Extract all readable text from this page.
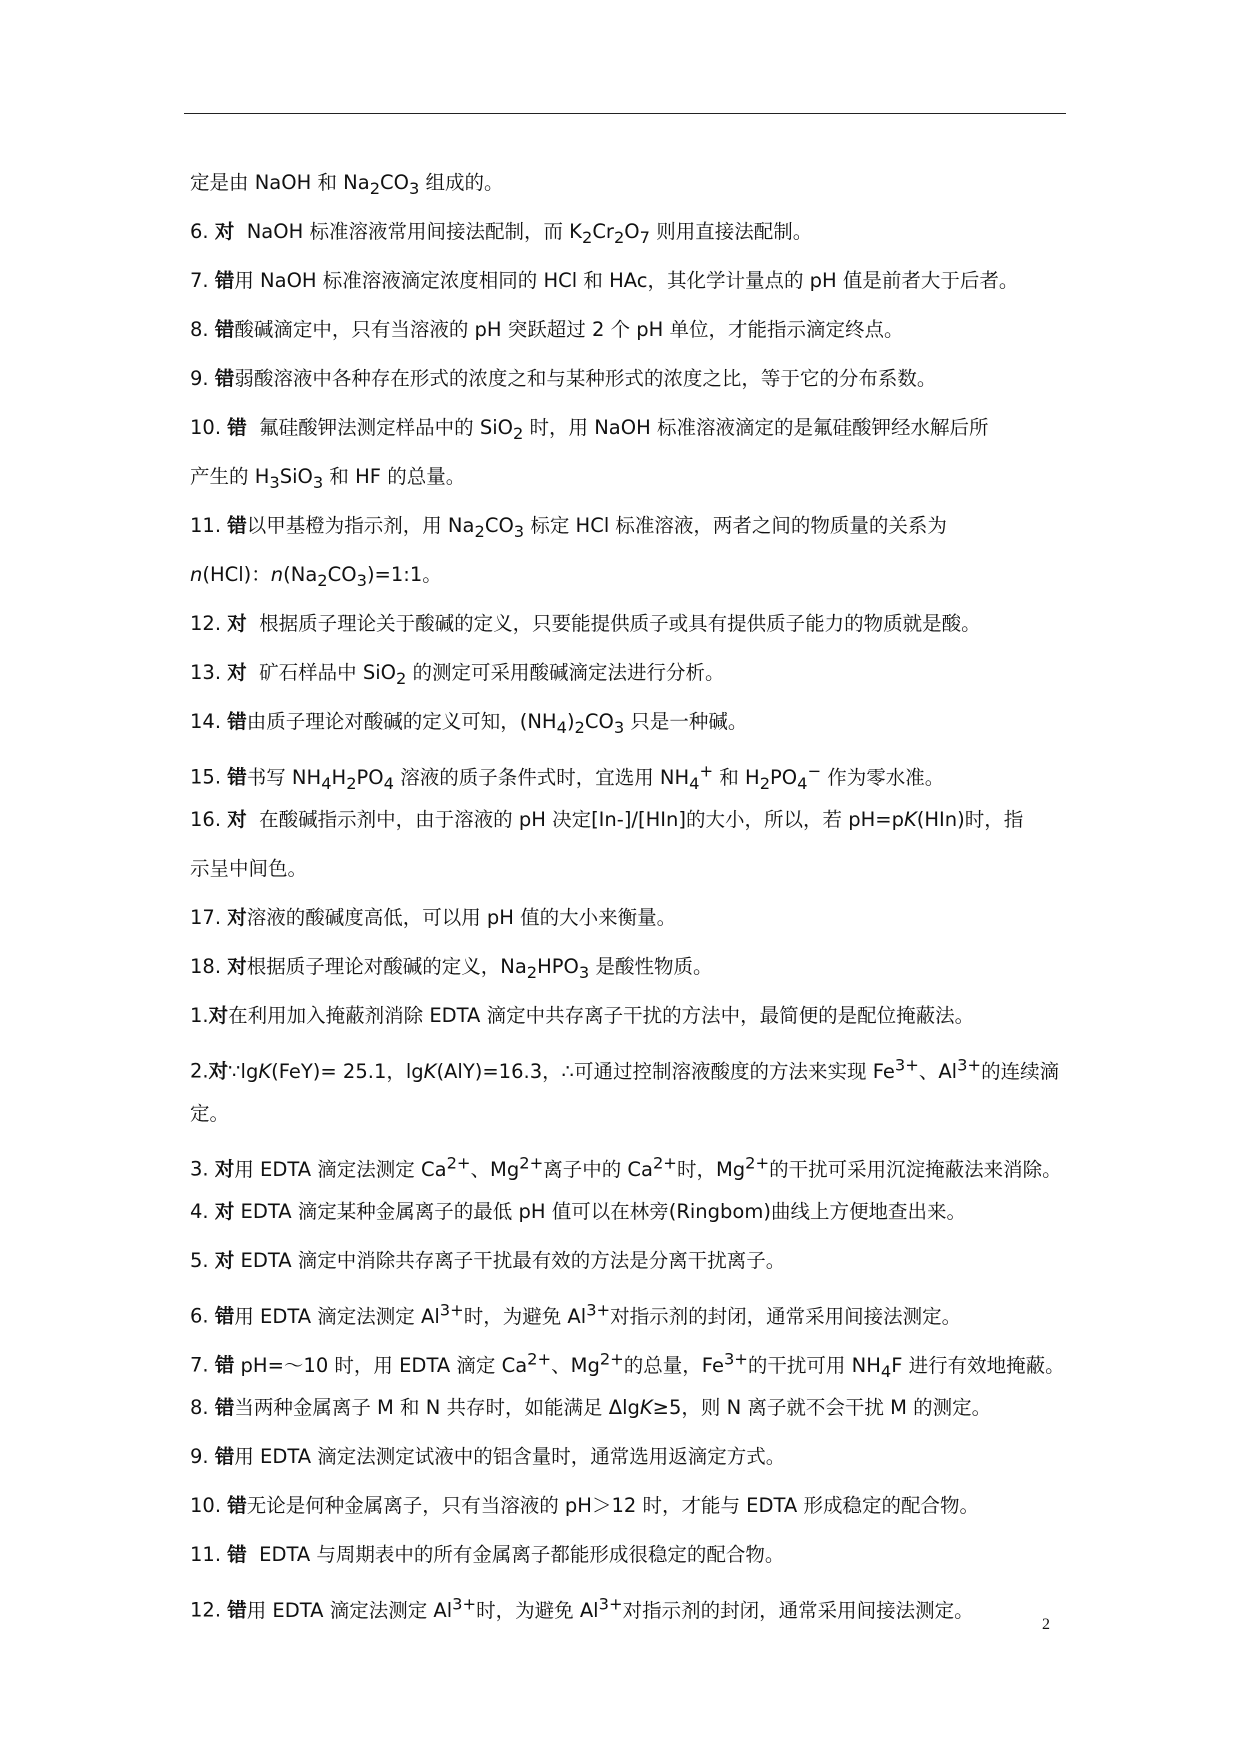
定是由 NaOH 和 $Na_2CO_3$ 组成的。
6. 对  NaOH 标准溶液常用间接法配制，而 $K_2Cr_2O_7$ 则用直接法配制。
7. 错用 NaOH 标准溶液滴定浓度相同的 HCl 和 HAc，其化学计量点的 pH 值是前者大于后者。
8. 错酸碱滴定中，只有当溶液的 pH 突跃超过 2 个 pH 单位，才能指示滴定终点。
9. 错弱酸溶液中各种存在形式的浓度之和与某种形式的浓度之比，等于它的分布系数。
10. 错  氟硅酸钾法测定样品中的 SiO$_2$ 时，用 NaOH 标准溶液滴定的是氟硅酸钾经水解后所
产生的 $H_3SiO_3$ 和 HF 的总量。
11. 错以甲基橙为指示剂，用 $Na_2CO_3$ 标定 HCl 标准溶液，两者之间的物质量的关系为
n(HCl)：$n(Na_2CO_3)=1:1$。
12. 对  根据质子理论关于酸碱的定义，只要能提供质子或具有提供质子能力的物质就是酸。
13. 对  矿石样品中 SiO$_2$ 的测定可采用酸碱滴定法进行分析。
14. 错由质子理论对酸碱的定义可知，$(NH_4)_2CO_3$ 只是一种碱。
15. 错书写 $NH_4H_2PO_4$ 溶液的质子条件式时，宜选用 $NH_4^+$ 和 $H_2PO_4^-$ 作为零水准。
16. 对  在酸碱指示剂中，由于溶液的 pH 决定[In-]/[HIn]的大小，所以，若 pH=pK(HIn)时，指
示呈中间色。
17. 对溶液的酸碱度高低，可以用 pH 值的大小来衡量。
18. 对根据质子理论对酸碱的定义，$Na_2HPO_3$ 是酸性物质。
1.对在利用加入掩蔽剂消除 EDTA 滴定中共存离子干扰的方法中，最简便的是配位掩蔽法。
2.对∵lgK(FeY)= 25.1，lgK(AlY)=16.3，∴可通过控制溶液酸度的方法来实现 $Fe^{3+}$、$Al^{3+}$的连续滴
定。
3. 对用 EDTA 滴定法测定 $Ca^{2+}$、$Mg^{2+}$离子中的 $Ca^{2+}$时，$Mg^{2+}$的干扰可采用沉淀掩蔽法来消除。
4. 对 EDTA 滴定某种金属离子的最低 pH 值可以在林旁(Ringbom)曲线上方便地查出来。
5. 对 EDTA 滴定中消除共存离子干扰最有效的方法是分离干扰离子。
6. 错用 EDTA 滴定法测定 $Al^{3+}$时，为避免 $Al^{3+}$对指示剂的封闭，通常采用间接法测定。
7. 错 pH=～10 时，用 EDTA 滴定 $Ca^{2+}$、$Mg^{2+}$的总量，$Fe^{3+}$的干扰可用 $NH_4F$ 进行有效地掩蔽。
8. 错当两种金属离子 M 和 N 共存时，如能满足 ΔlgK≥5，则 N 离子就不会干扰 M 的测定。
9. 错用 EDTA 滴定法测定试液中的铝含量时，通常选用返滴定方式。
10. 错无论是何种金属离子，只有当溶液的 pH＞12 时，才能与 EDTA 形成稳定的配合物。
11. 错  EDTA 与周期表中的所有金属离子都能形成很稳定的配合物。
12. 错用 EDTA 滴定法测定 $Al^{3+}$时，为避免 $Al^{3+}$对指示剂的封闭，通常采用间接法测定。
2
